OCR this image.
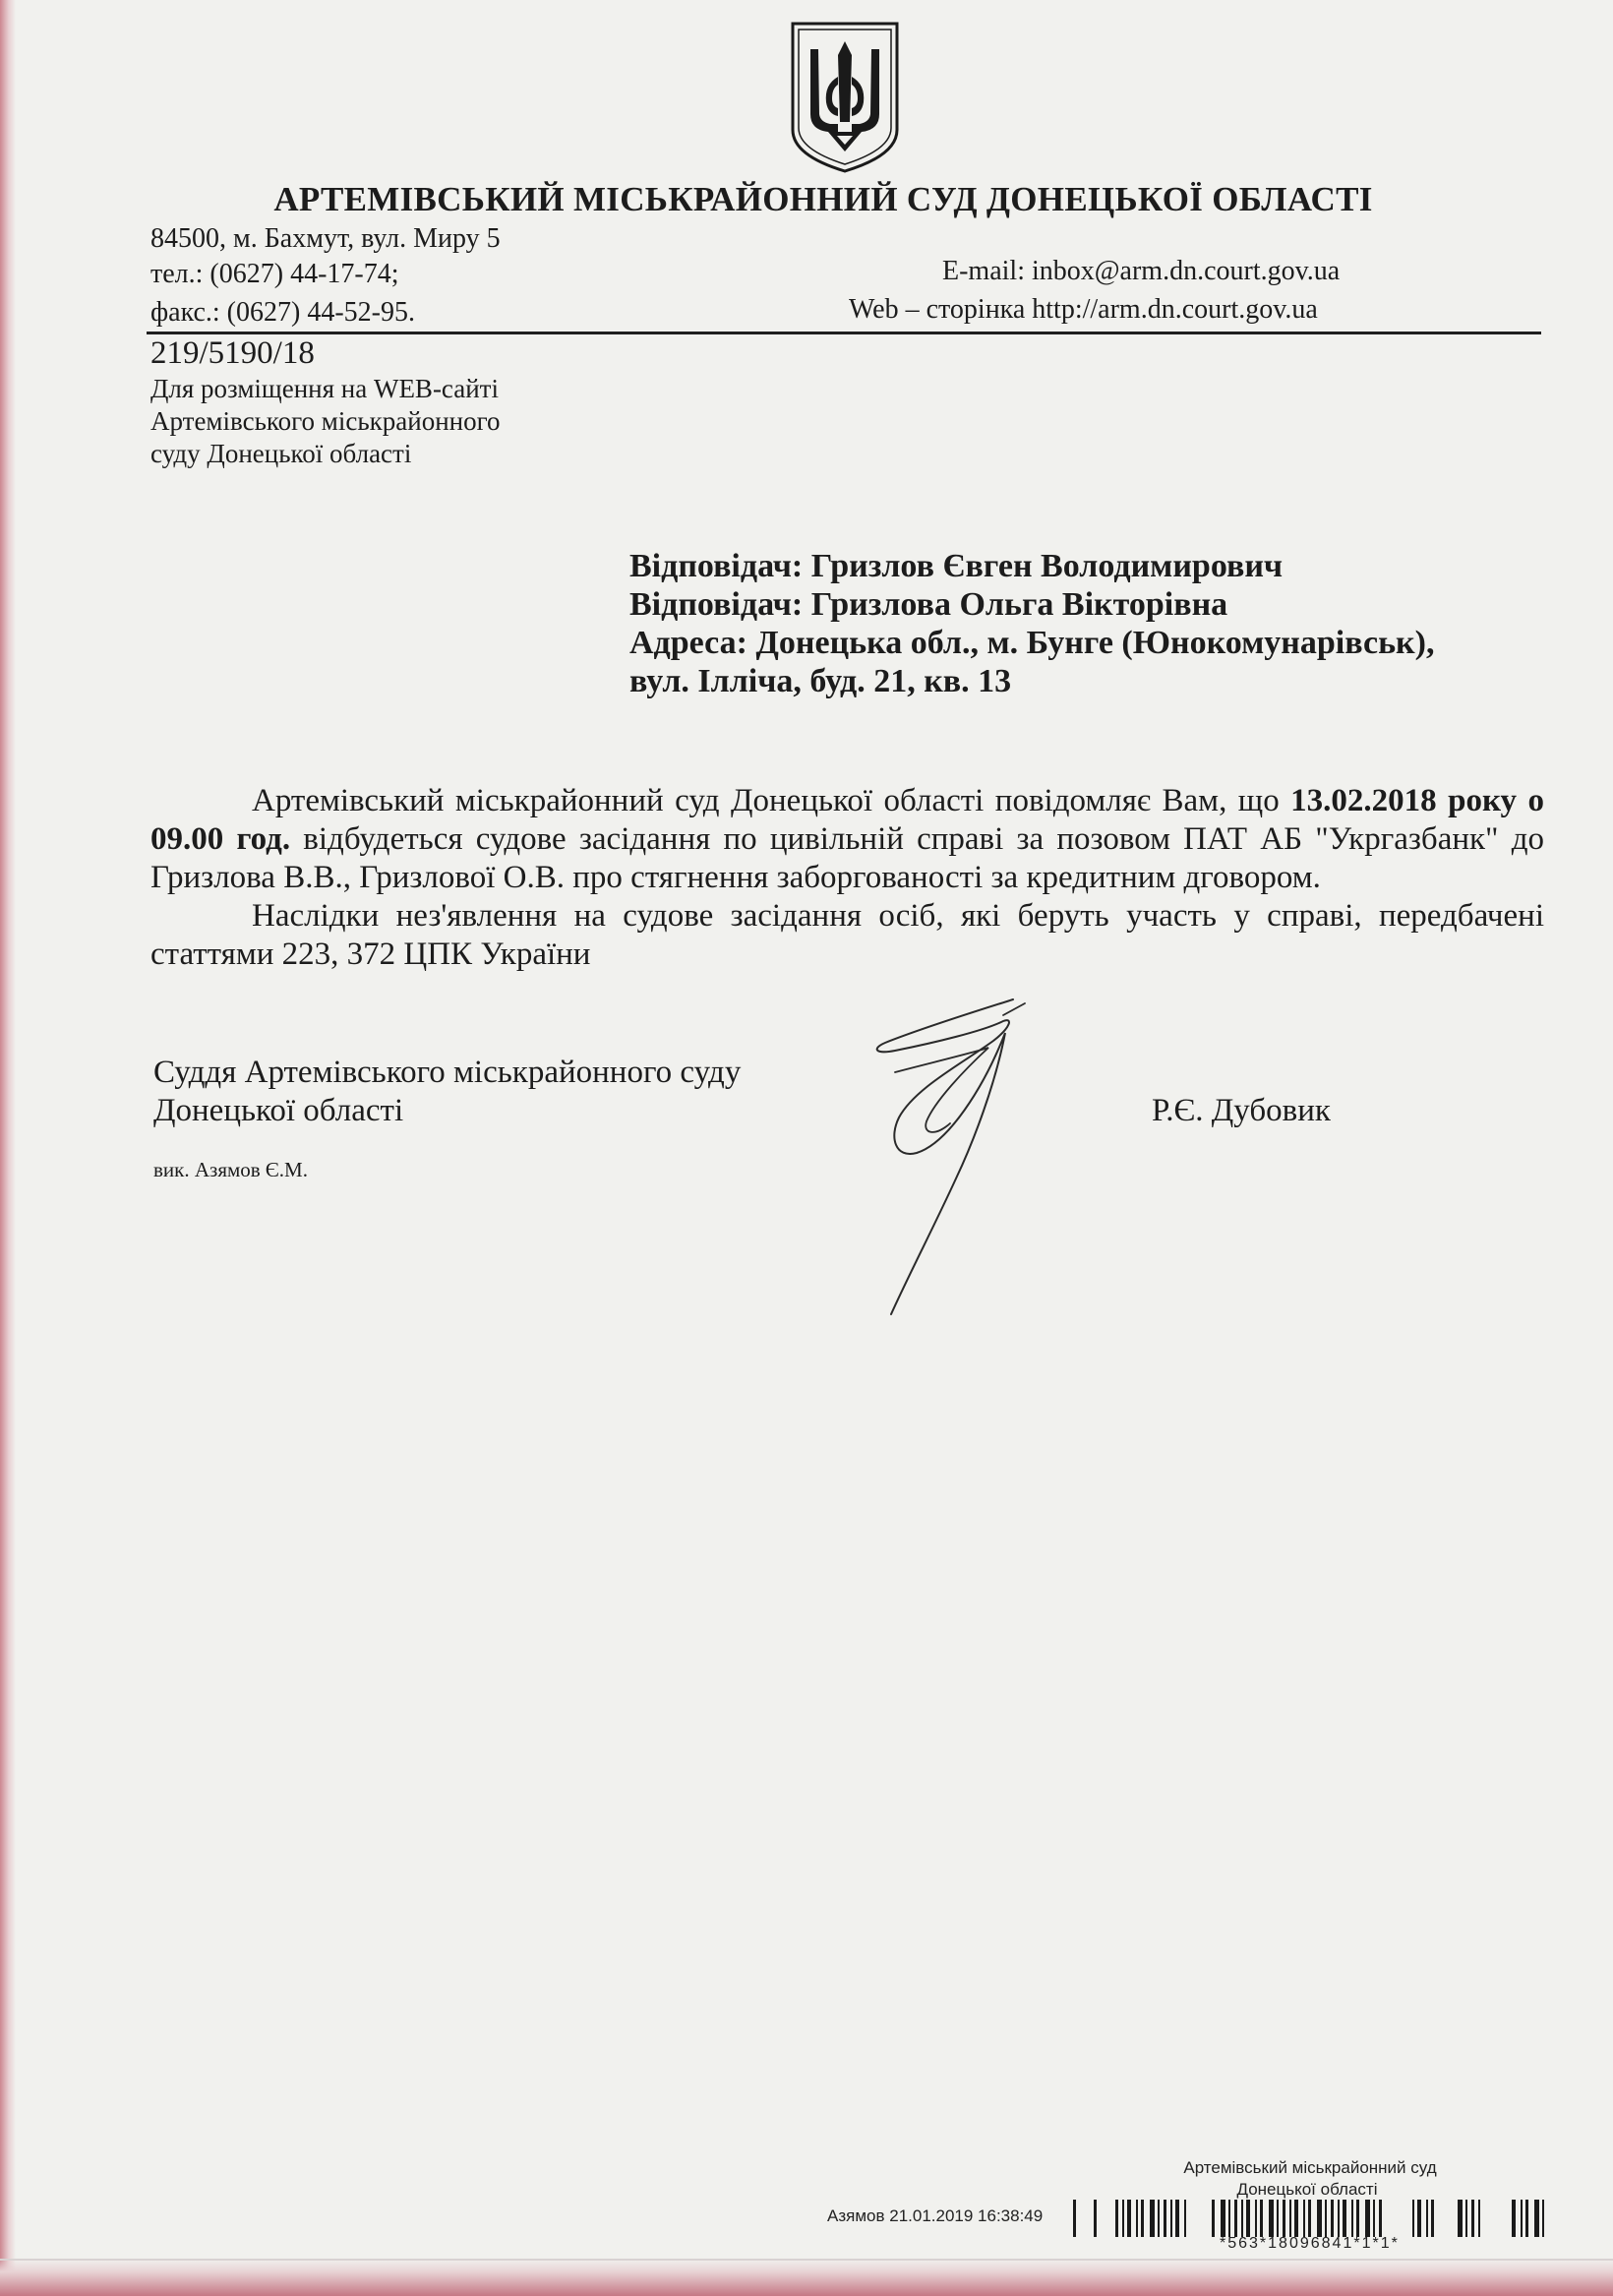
АРТЕМІВСЬКИЙ МІСЬКРАЙОННИЙ СУД ДОНЕЦЬКОЇ ОБЛАСТІ
84500, м. Бахмут, вул. Миру 5
тел.: (0627) 44-17-74;
факс.: (0627) 44-52-95.
E-mail: inbox@arm.dn.court.gov.ua
Web – сторінка http://arm.dn.court.gov.ua
219/5190/18
Для розміщення на WEB-сайті
Артемівського міськрайонного
суду Донецької області
Відповідач: Гризлов Євген Володимирович
Відповідач: Гризлова Ольга Вікторівна
Адреса: Донецька обл., м. Бунге (Юнокомунарівськ),
вул. Ілліча, буд. 21, кв. 13

Артемівський міськрайонний суд Донецької області повідомляє Вам, що 13.02.2018 року о 09.00 год. відбудеться судове засідання по цивільній справі за позовом ПАТ АБ "Укргазбанк" до Гризлова В.В., Гризлової О.В. про стягнення заборгованості за кредитним дговором.

Наслідки нез'явлення на судове засідання осіб, які беруть участь у справі, передбачені статтями 223, 372 ЦПК України

Суддя Артемівського міськрайонного суду
Донецької області	Р.Є. Дубовик
вик. Азямов Є.М.
Артемівський міськрайонний суд
Донецької області
Азямов 21.01.2019 16:38:49
*563*18096841*1*1*
